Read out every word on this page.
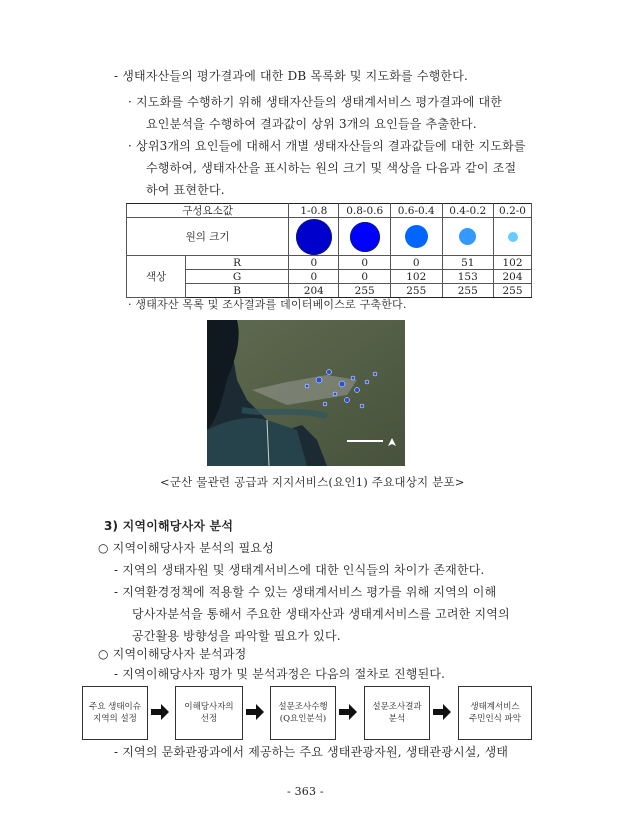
- 생태자산들의 평가결과에 대한 DB 목록화 및 지도화를 수행한다.
· 지도화를 수행하기 위해 생태자산들의 생태계서비스 평가결과에 대한
요인분석을 수행하여 결과값이 상위 3개의 요인들을 추출한다.
· 상위3개의 요인들에 대해서 개별 생태자산들의 결과값들에 대한 지도화를
수행하여, 생태자산을 표시하는 원의 크기 및 색상을 다음과 같이 조절
하여 표현한다.
구성요소값		1-0.8	0.8-0.6	0.6-0.4	0.4-0.2	0.2-0
원의 크기						
색상	R	0	0	0	51	102
	G	0	0	102	153	204
	B	204	255	255	255	255
· 생태자산 목록 및 조사결과를 데이터베이스로 구축한다.
<군산 물관련 공급과 지지서비스(요인1) 주요대상지 분포>
3) 지역이해당사자 분석
○ 지역이해당사자 분석의 필요성
- 지역의 생태자원 및 생태계서비스에 대한 인식들의 차이가 존재한다.
- 지역환경정책에 적용할 수 있는 생태계서비스 평가를 위해 지역의 이해
당사자분석을 통해서 주요한 생태자산과 생태계서비스를 고려한 지역의
공간활용 방향성을 파악할 필요가 있다.
○ 지역이해당사자 분석과정
- 지역이해당사자 평가 및 분석과정은 다음의 절차로 진행된다.
주요 생태이슈
지역의 설정
이해당사자의
선정
설문조사수행
(Q요인분석)
설문조사결과
분석
생태계서비스
주민인식 파악
- 지역의 문화관광과에서 제공하는 주요 생태관광자원, 생태관광시설, 생태
- 363 -
